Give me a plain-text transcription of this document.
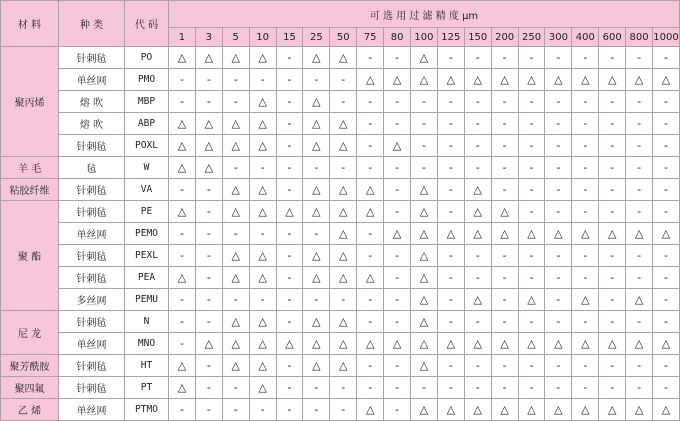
材 料	种 类	代 码	可 选 用 过 滤 精 度 μm																		
			1	3	5	10	15	25	50	75	80	100	125	150	200	250	300	400	600	800	1000
聚丙烯	针刺毡	PO	△	△	△	△	-	△	△	-	-	△	-	-	-	-	-	-	-	-	-
	单丝网	PMO	-	-	-	-	-	-	-	△	△	△	△	△	△	△	△	△	△	△	△
	熔 吹	MBP	-	-	-	△	-	△	-	-	-	-	-	-	-	-	-	-	-	-	-
	熔 吹	ABP	△	△	△	△	-	△	△	-	-	-	-	-	-	-	-	-	-	-	-
	针刺毡	POXL	△	△	△	△	-	△	△	-	△	-	-	-	-	-	-	-	-	-	-
羊 毛	毡	W	△	△	-	-	-	-	-	-	-	-	-	-	-	-	-	-	-	-	-
粘胶纤维	针刺毡	VA	-	-	△	△	-	△	△	△	-	△	-	△	-	-	-	-	-	-	-
聚 酯	针刺毡	PE	△	-	△	△	△	△	△	△	-	△	-	△	△	-	-	-	-	-	-
	单丝网	PEMO	-	-	-	-	-	-	△	-	△	△	△	△	△	△	△	△	△	△	△
	针刺毡	PEXL	-	-	△	△	-	△	△	-	-	△	-	-	-	-	-	-	-	-	-
	针刺毡	PEA	△	-	△	△	-	△	△	△	-	△	-	-	-	-	-	-	-	-	-
	多丝网	PEMU	-	-	-	-	-	-	-	-	-	△	-	△	-	△	-	△	-	△	-
尼 龙	针刺毡	N	-	-	△	△	-	△	△	-	-	△	-	-	-	-	-	-	-	-	-
	单丝网	MNO	-	△	△	△	△	△	△	△	△	△	△	△	△	△	△	△	△	△	△
聚芳酰胺	针刺毡	HT	△	-	△	△	-	△	△	-	-	△	-	-	-	-	-	-	-	-	-
聚四氟	针刺毡	PT	△	-	-	△	-	-	-	-	-	-	-	-	-	-	-	-	-	-	-
乙 烯	单丝网	PTMO	-	-	-	-	-	-	-	△	-	△	△	△	△	△	△	△	△	△	△
